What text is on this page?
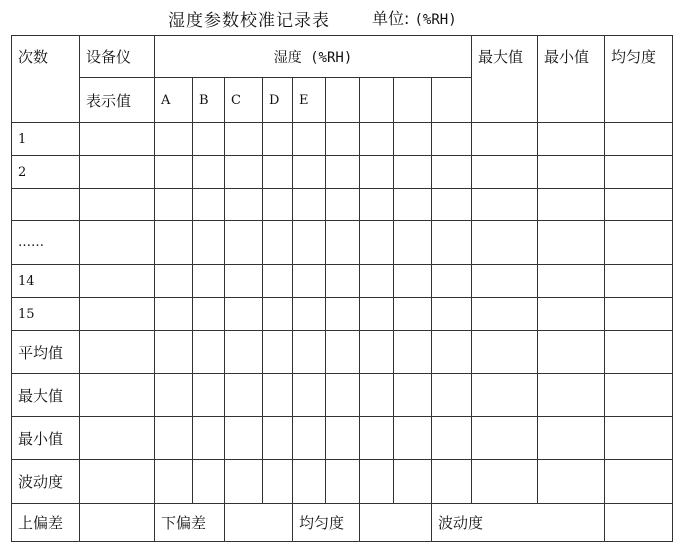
湿度参数校准记录表	单位: (%RH)
次数	设备仪	湿度 (%RH)									最大值	最小值	均匀度
	表示值	A	B	C	D	E							
1													
2													

……													
14													
15													
平均值													
最大值													
最小值													
波动度													
上偏差		下偏差				均匀度				波动度			
